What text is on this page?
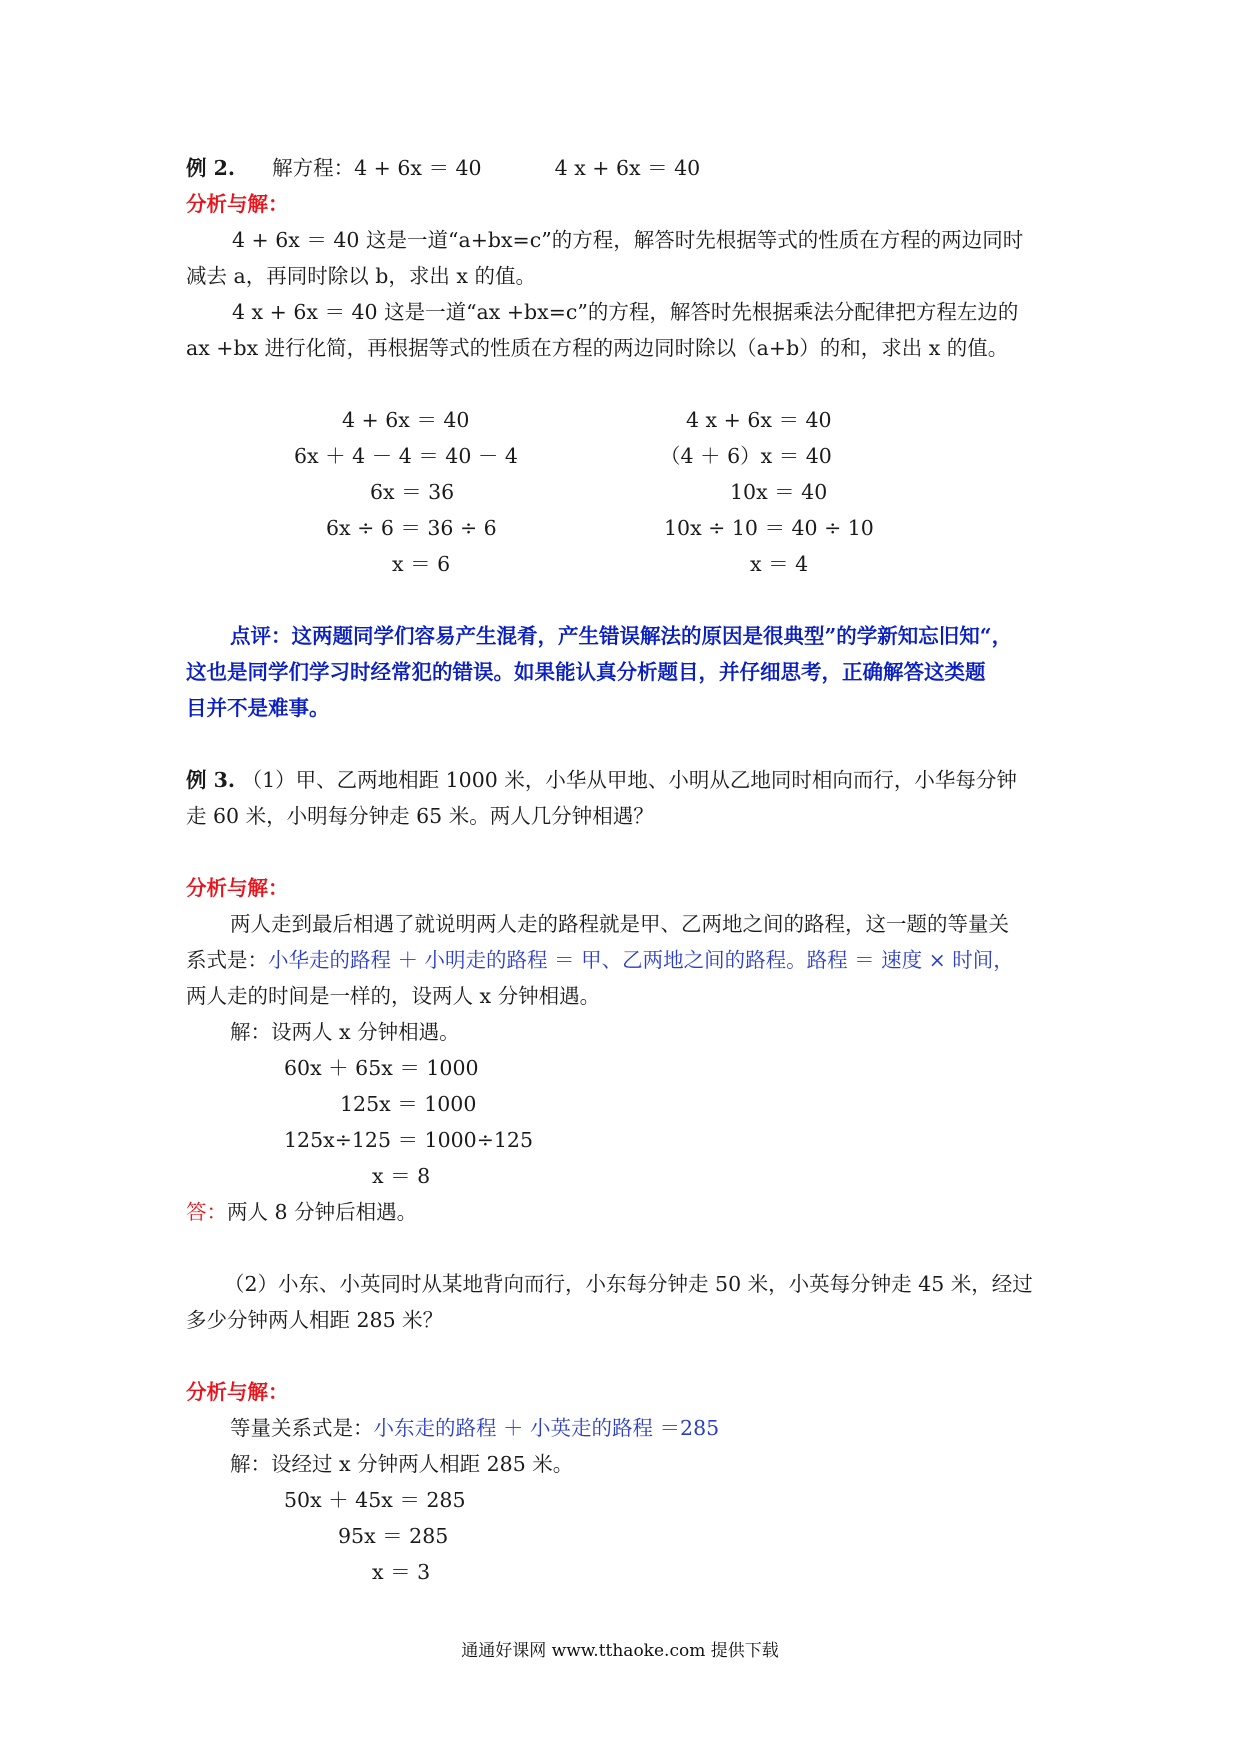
例 2. 解方程：4 + 6x ＝ 40	4 x + 6x ＝ 40
分析与解：
4 + 6x ＝ 40 这是一道“a+bx=c”的方程，解答时先根据等式的性质在方程的两边同时
减去 a，再同时除以 b，求出 x 的值。
4 x + 6x ＝ 40 这是一道“ax +bx=c”的方程，解答时先根据乘法分配律把方程左边的
ax +bx 进行化简，再根据等式的性质在方程的两边同时除以（a+b）的和，求出 x 的值。
4 + 6x ＝ 40
6x ＋ 4 － 4 ＝ 40 － 4
6x ＝ 36
6x ÷ 6 ＝ 36 ÷ 6
x ＝ 6
4 x + 6x ＝ 40
（4 ＋ 6）x ＝ 40
10x ＝ 40
10x ÷ 10 ＝ 40 ÷ 10
x ＝ 4
点评：这两题同学们容易产生混肴，产生错误解法的原因是很典型”的学新知忘旧知“，
这也是同学们学习时经常犯的错误。如果能认真分析题目，并仔细思考，正确解答这类题
目并不是难事。
例 3. （1）甲、乙两地相距 1000 米，小华从甲地、小明从乙地同时相向而行，小华每分钟
走 60 米，小明每分钟走 65 米。两人几分钟相遇？
分析与解：
两人走到最后相遇了就说明两人走的路程就是甲、乙两地之间的路程，这一题的等量关
系式是：小华走的路程 ＋ 小明走的路程 ＝ 甲、乙两地之间的路程。路程 ＝ 速度 × 时间，
两人走的时间是一样的，设两人 x 分钟相遇。
解：设两人 x 分钟相遇。
60x ＋ 65x ＝ 1000
125x ＝ 1000
125x÷125 ＝ 1000÷125
x ＝ 8
答：两人 8 分钟后相遇。
（2）小东、小英同时从某地背向而行，小东每分钟走 50 米，小英每分钟走 45 米，经过
多少分钟两人相距 285 米？
分析与解：
等量关系式是：小东走的路程 ＋ 小英走的路程 ＝285
解：设经过 x 分钟两人相距 285 米。
50x ＋ 45x ＝ 285
95x ＝ 285
x ＝ 3
通通好课网 www.tthaoke.com 提供下载
